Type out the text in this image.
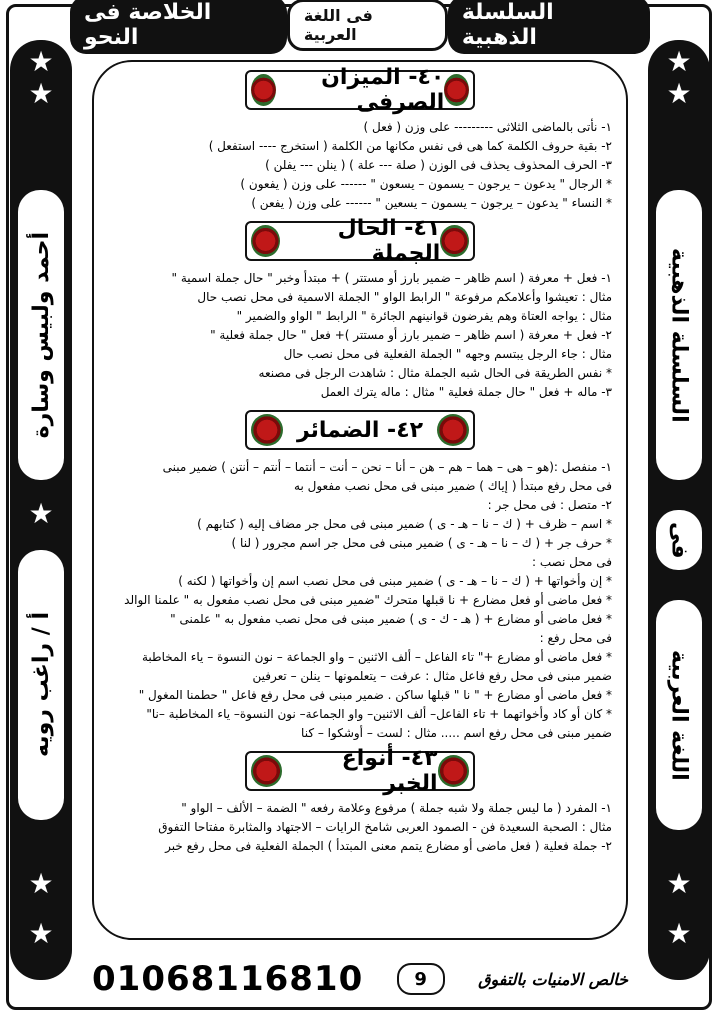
★
★
أحمد ولبيس وسارة
★
أ / راغب رويه
★
★
★
★
السلسلة الذهبية
فى
اللغة العربية
★
★
الخلاصة فى النحو
فى اللغة العربية
السلسلة الذهبية
٤٠- الميزان الصرفى
١- نأتى بالماضى الثلاثى --------- على وزن ( فعل )
٢- بقية حروف الكلمة كما هى فى نفس مكانها من الكلمة ( استخرج ---- استفعل )
٣- الحرف المحذوف يحذف فى الوزن ( صلة --- علة ) ( ينلن --- يفلن )
* الرجال " يدعون – يرجون – يسمون – يسعون " ------ على وزن ( يفعون )
* النساء " يدعون – يرجون – يسمون – يسعين " ------ على وزن ( يفعن )
٤١- الحال الجملة
١- فعل + معرفة ( اسم ظاهر – ضمير بارز أو مستتر ) + مبتدأ وخبر " حال جملة اسمية "
مثال : تعيشوا وأعلامكم مرفوعة " الرابط الواو " الجملة الاسمية فى محل نصب حال
مثال : يواجه العتاة وهم يفرضون قوانينهم الجائرة " الرابط " الواو والضمير "
٢- فعل + معرفة ( اسم ظاهر – ضمير بارز أو مستتر )+ فعل " حال جملة فعلية "
مثال : جاء الرجل يبتسم وجهه " الجملة الفعلية فى محل نصب حال
* نفس الطريقة فى الحال شبه الجملة مثال : شاهدت الرجل فى مصنعه
٣- ماله + فعل " حال جملة فعلية " مثال : ماله يترك العمل
٤٢- الضمائر
١- منفصل :(هو – هى – هما – هم – هن – أنا – نحن – أنت – أنتما – أنتم – أنتن ) ضمير مبنى
فى محل رفع مبتدأ ( إياك ) ضمير مبنى فى محل نصب مفعول به
٢- متصل : فى محل جر :
* اسم – ظرف + ( ك – نا – هـ - ى ) ضمير مبنى فى محل جر مضاف إليه ( كتابهم )
* حرف جر + ( ك – نا – هـ - ى ) ضمير مبنى فى محل جر اسم مجرور ( لنا )
فى محل نصب :
* إن وأخواتها + ( ك – نا – هـ - ى ) ضمير مبنى فى محل نصب اسم إن وأخواتها ( لكنه )
* فعل ماضى أو فعل مضارع + نا قبلها متحرك "ضمير مبنى فى محل نصب مفعول به " علمنا الوالد
* فعل ماضى أو مضارع + ( هـ - ك - ى ) ضمير مبنى فى محل نصب مفعول به " علمنى "
فى محل رفع :
* فعل ماضى أو مضارع +" تاء الفاعل – ألف الاثنين – واو الجماعة – نون النسوة – ياء المخاطبة
ضمير مبنى فى محل رفع فاعل مثال : عرفت – يتعلمونها – ينلن – تعرفين
* فعل ماضى أو مضارع + " نا " قبلها ساكن . ضمير مبنى فى محل رفع فاعل " حطمنا المغول "
* كان أو كاد وأخواتهما + تاء الفاعل– ألف الاثنين– واو الجماعة– نون النسوة– ياء المخاطبة –نا"
ضمير مبنى فى محل رفع اسم ..... مثال : لست – أوشكوا – كنا
٤٣- أنواع الخبر
١- المفرد ( ما ليس جملة ولا شبه جملة ) مرفوع وعلامة رفعه " الضمة – الألف – الواو "
مثال : الصحبة السعيدة فن - الصمود العربى شامخ الرايات – الاجتهاد والمثابرة مفتاحا التفوق
٢- جملة فعلية ( فعل ماضى أو مضارع يتمم معنى المبتدأ ) الجملة الفعلية فى محل رفع خبر
01068116810	9	خالص الامنيات بالتفوق
